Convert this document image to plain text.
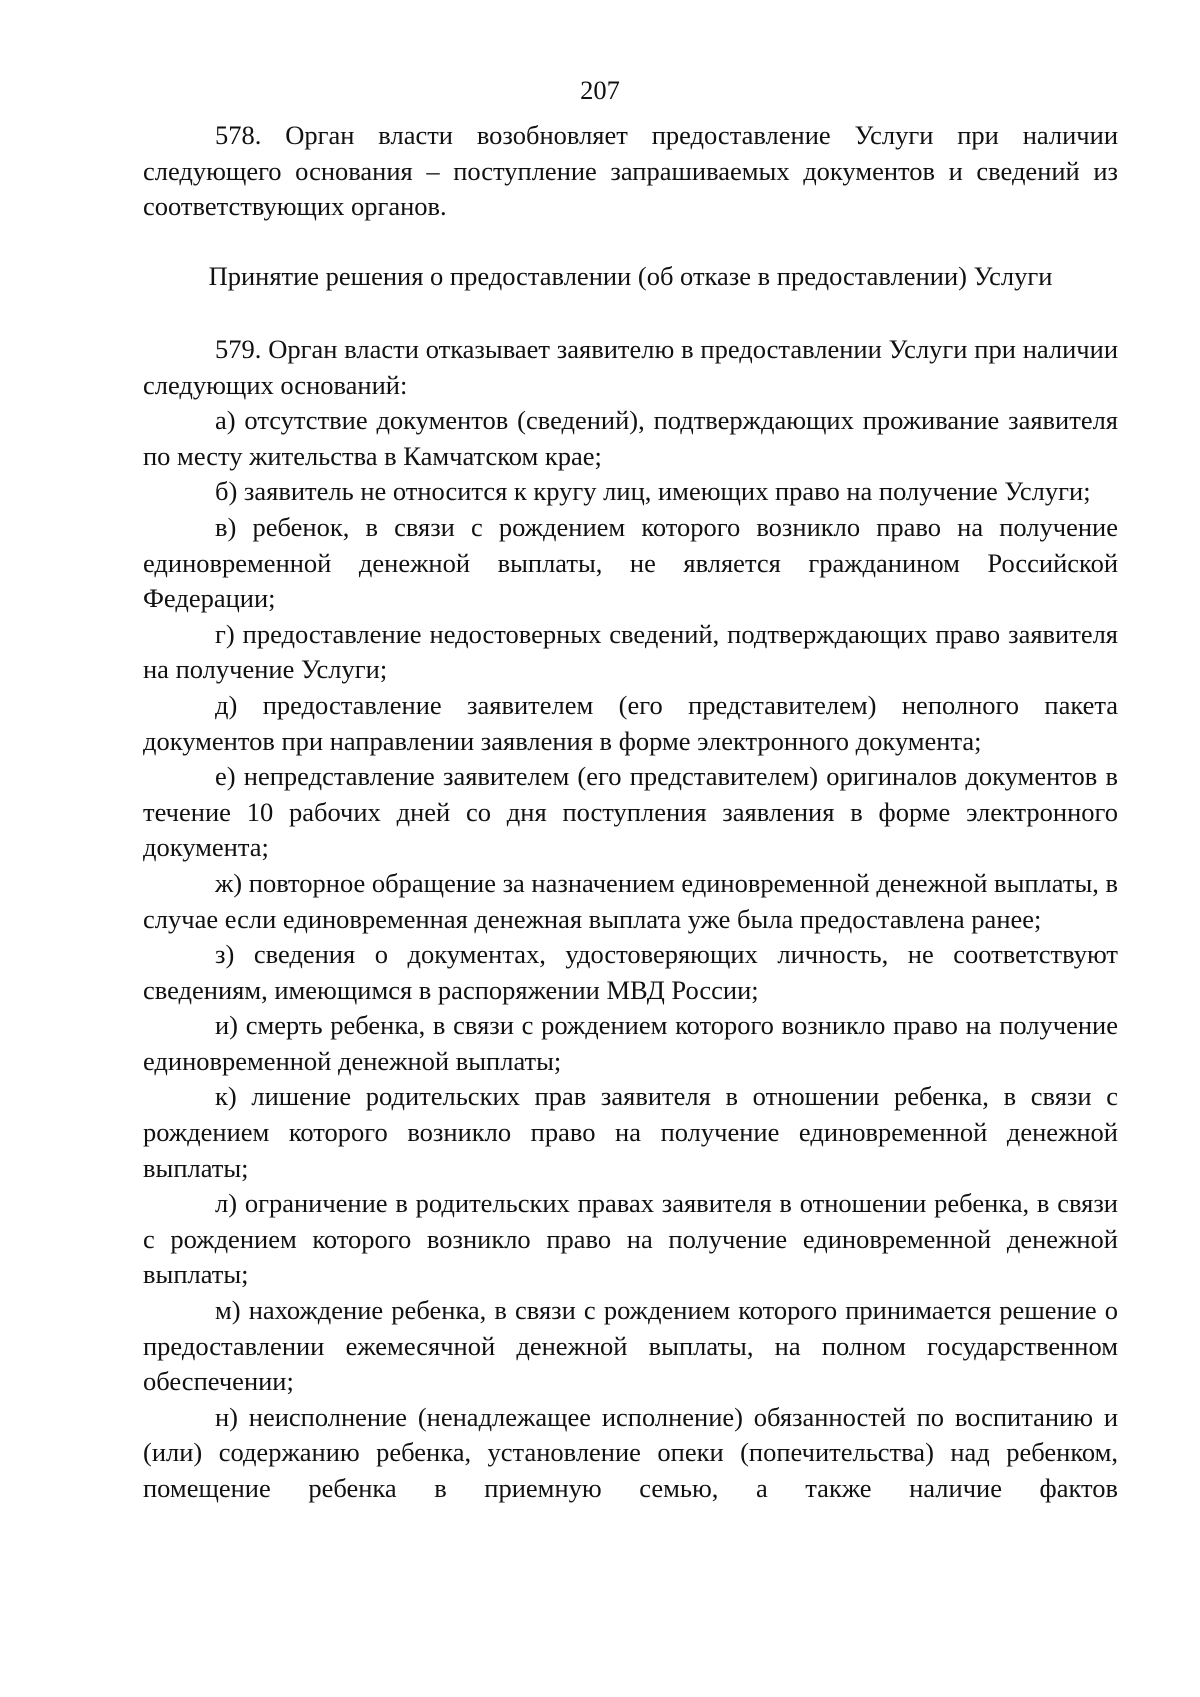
207

578. Орган власти возобновляет предоставление Услуги при наличии следующего основания – поступление запрашиваемых документов и сведений из соответствующих органов.

Принятие решения о предоставлении (об отказе в предоставлении) Услуги

579. Орган власти отказывает заявителю в предоставлении Услуги при наличии следующих оснований:

а) отсутствие документов (сведений), подтверждающих проживание заявителя по месту жительства в Камчатском крае;

б) заявитель не относится к кругу лиц, имеющих право на получение Услуги;

в) ребенок, в связи с рождением которого возникло право на получение единовременной денежной выплаты, не является гражданином Российской Федерации;

г) предоставление недостоверных сведений, подтверждающих право заявителя на получение Услуги;

д) предоставление заявителем (его представителем) неполного пакета документов при направлении заявления в форме электронного документа;

е) непредставление заявителем (его представителем) оригиналов документов в течение 10 рабочих дней со дня поступления заявления в форме электронного документа;

ж) повторное обращение за назначением единовременной денежной выплаты, в случае если единовременная денежная выплата уже была предоставлена ранее;

з) сведения о документах, удостоверяющих личность, не соответствуют сведениям, имеющимся в распоряжении МВД России;

и) смерть ребенка, в связи с рождением которого возникло право на получение единовременной денежной выплаты;

к) лишение родительских прав заявителя в отношении ребенка, в связи с рождением которого возникло право на получение единовременной денежной выплаты;

л) ограничение в родительских правах заявителя в отношении ребенка, в связи с рождением которого возникло право на получение единовременной денежной выплаты;

м) нахождение ребенка, в связи с рождением которого принимается решение о предоставлении ежемесячной денежной выплаты, на полном государственном обеспечении;

н) неисполнение (ненадлежащее исполнение) обязанностей по воспитанию и (или) содержанию ребенка, установление опеки (попечительства) над ребенком, помещение ребенка в приемную семью, а также наличие фактов
